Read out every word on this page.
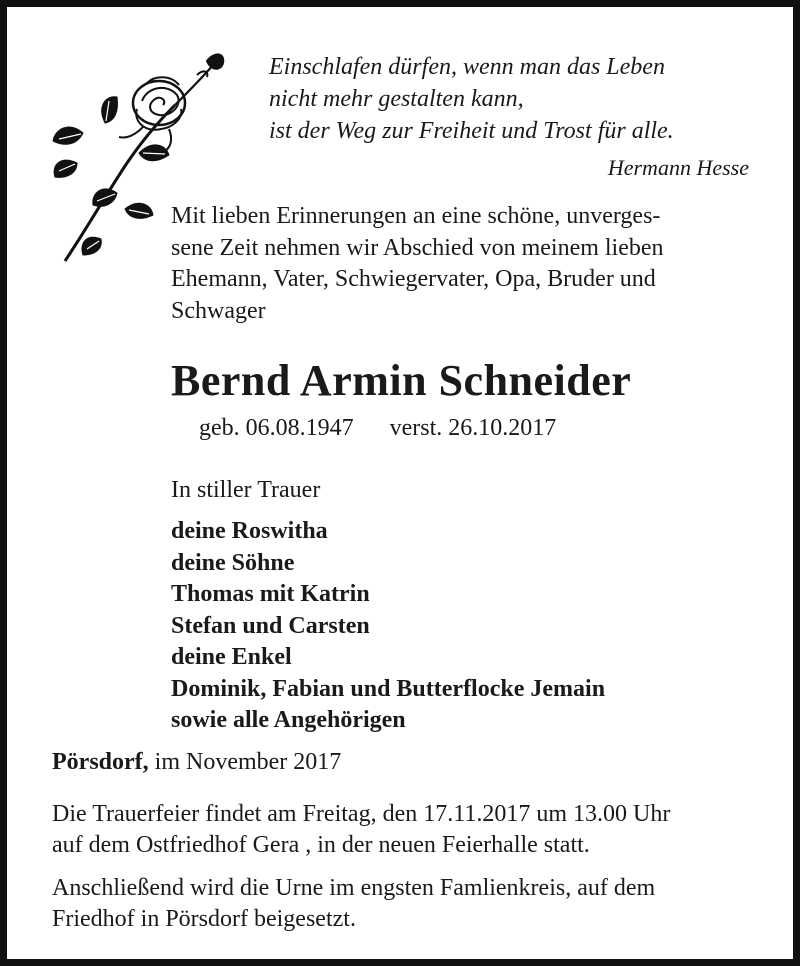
Einschlafen dürfen, wenn man das Leben
nicht mehr gestalten kann,
ist der Weg zur Freiheit und Trost für alle.
Hermann Hesse
Mit lieben Erinnerungen an eine schöne, unverges-
sene Zeit nehmen wir Abschied von meinem lieben
Ehemann, Vater, Schwiegervater, Opa, Bruder und
Schwager
Bernd Armin Schneider
geb. 06.08.1947      verst. 26.10.2017
In stiller Trauer
deine Roswitha
deine Söhne
Thomas mit Katrin
Stefan und Carsten
deine Enkel
Dominik, Fabian und Butterflocke Jemain
sowie alle Angehörigen
Pörsdorf, im November 2017
Die Trauerfeier findet am Freitag, den 17.11.2017 um 13.00 Uhr
auf dem Ostfriedhof Gera , in der neuen Feierhalle statt.
Anschließend wird die Urne im engsten Famlienkreis, auf dem
Friedhof in Pörsdorf beigesetzt.
